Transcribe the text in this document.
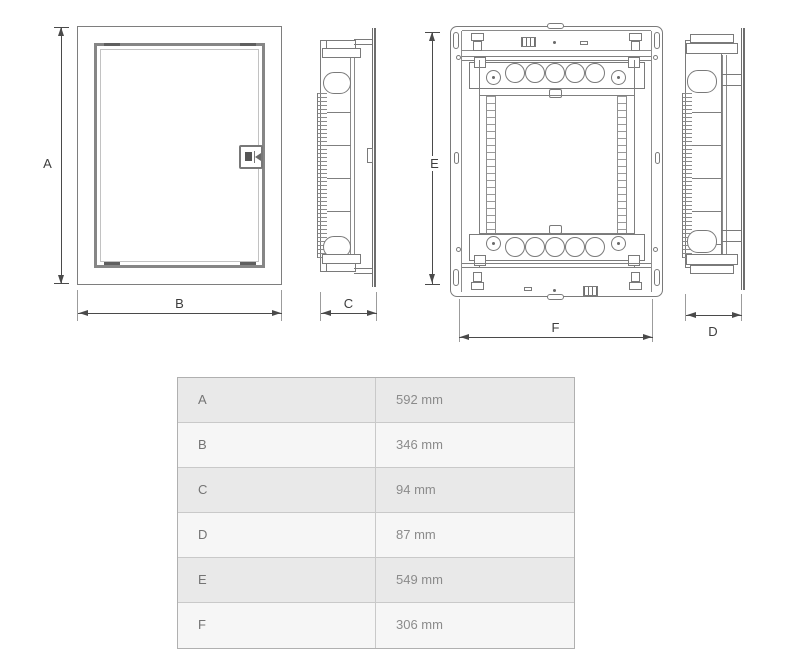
A
B	C
E
F	D
A	592 mm
B	346 mm
C	94 mm
D	87 mm
E	549 mm
F	306 mm
